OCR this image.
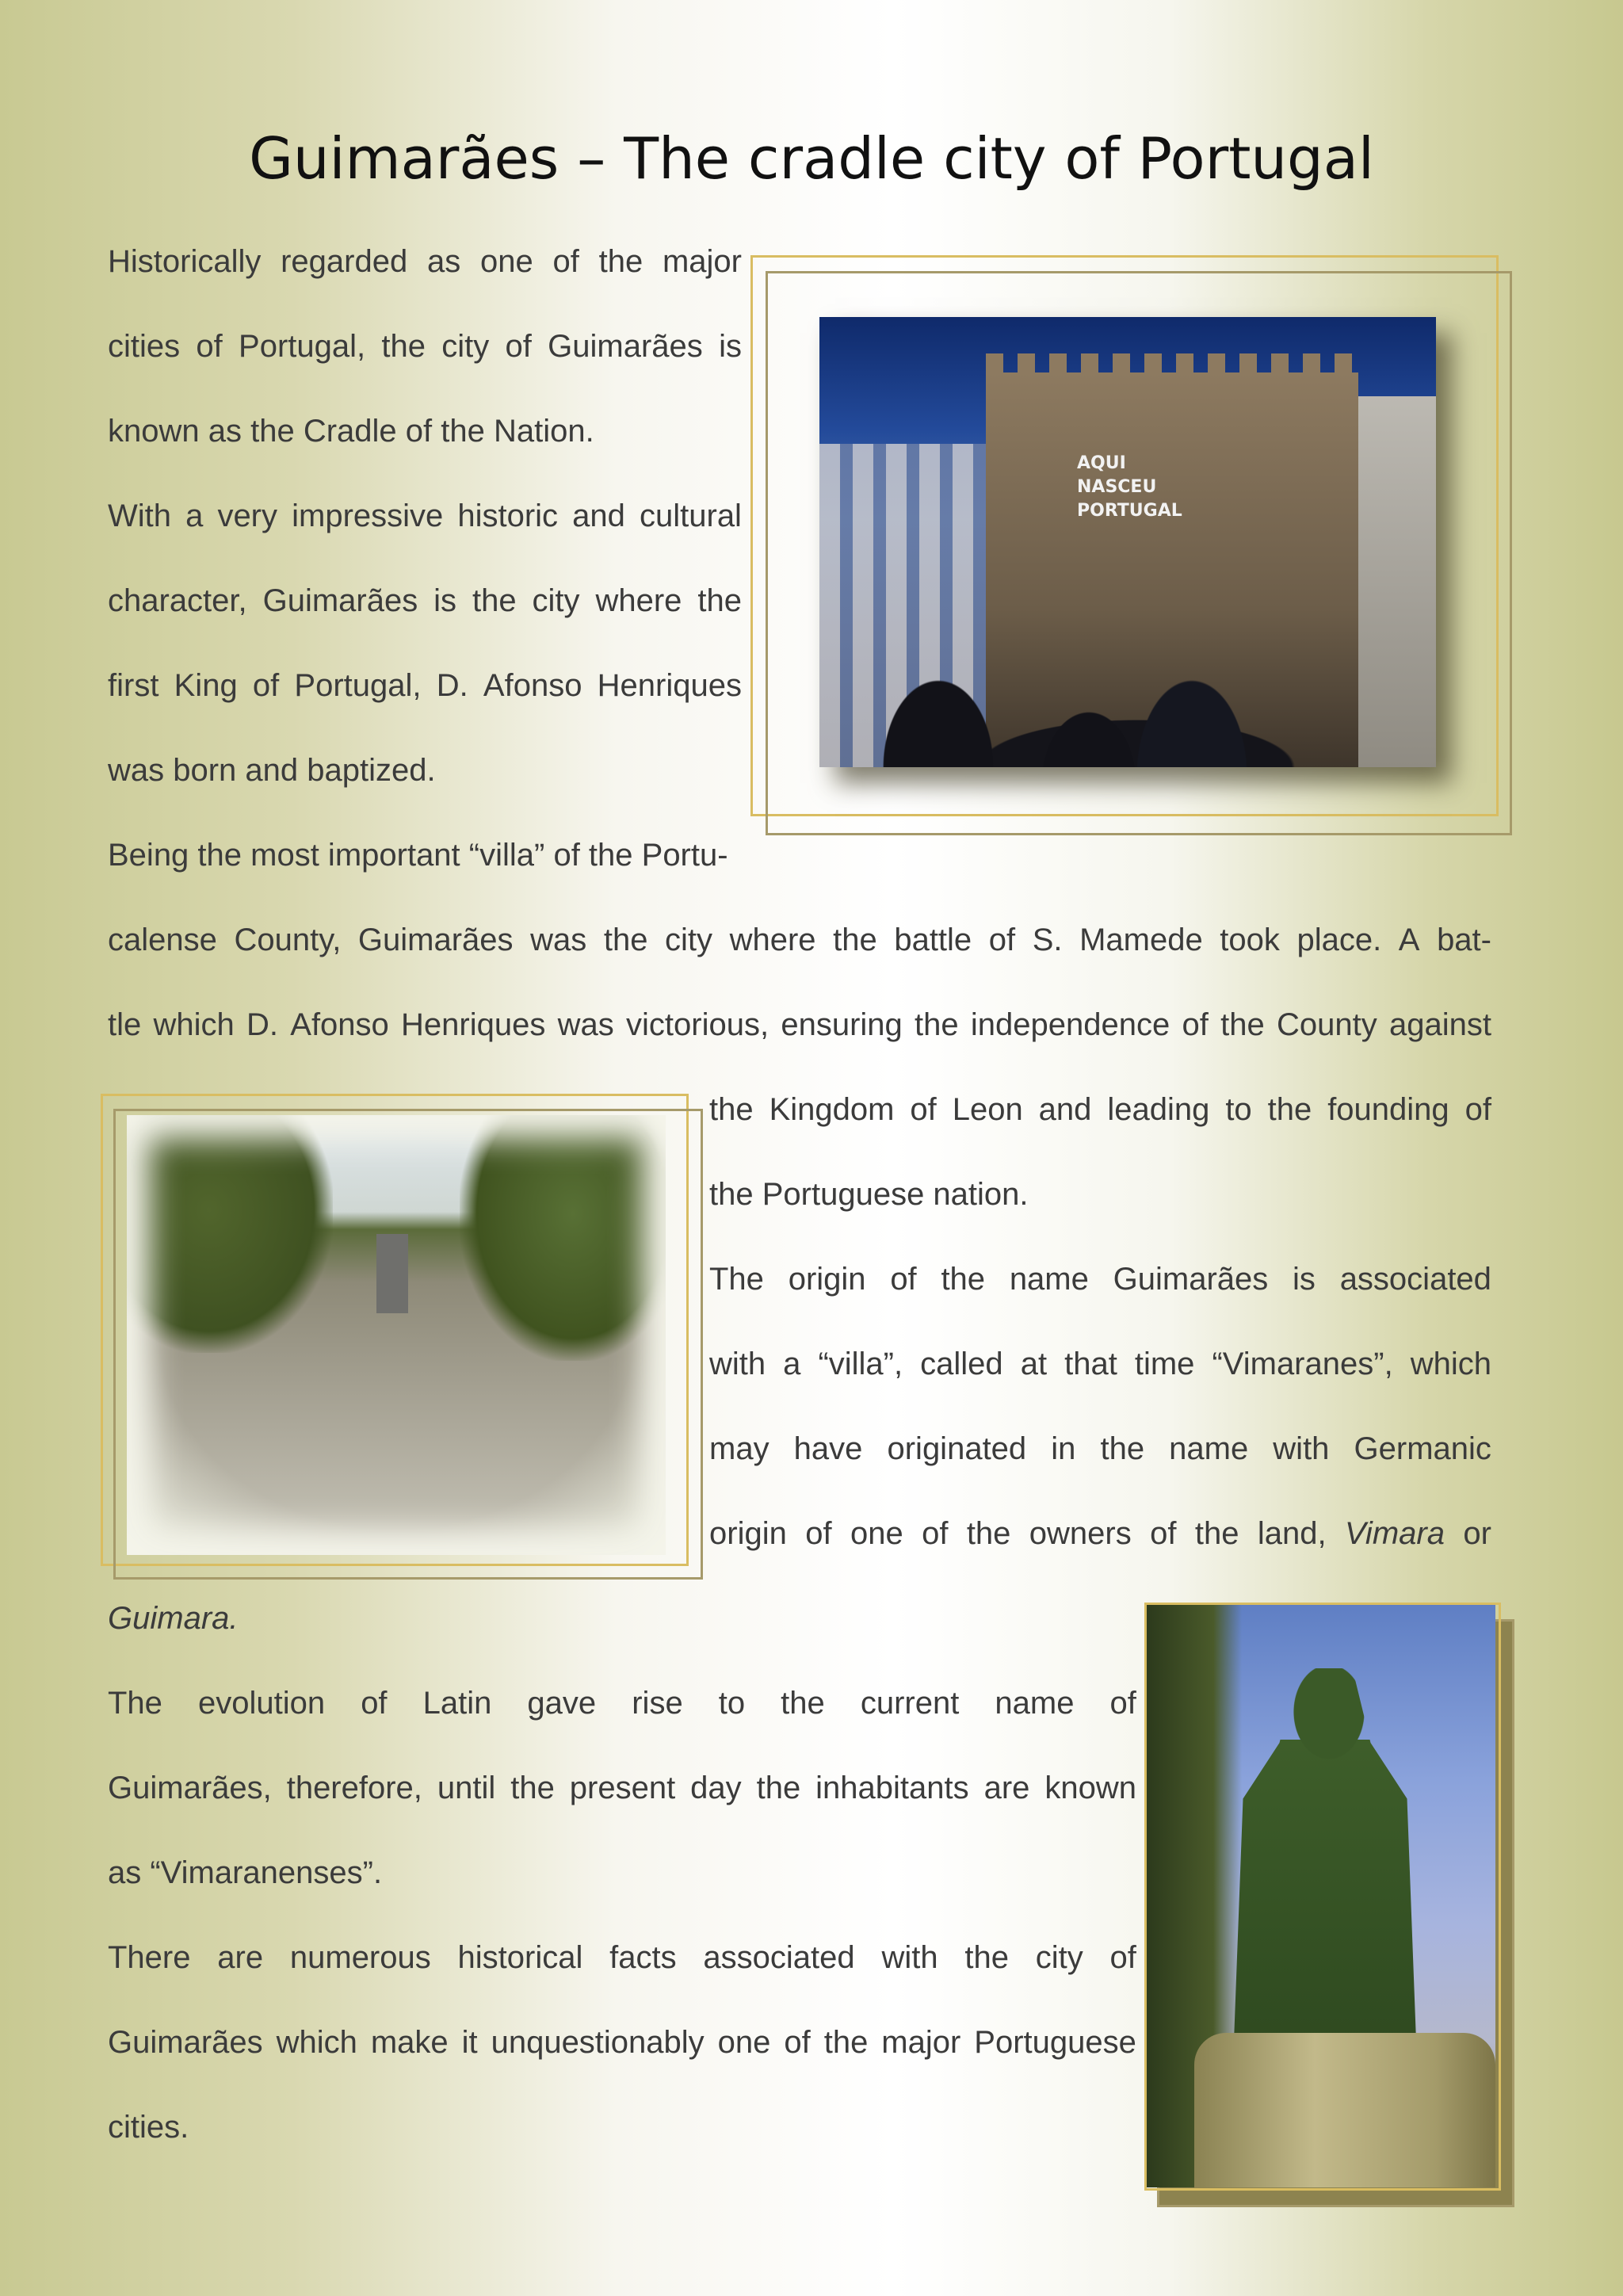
Guimarães – The cradle city of Portugal
Historically regarded as one of the major
cities of Portugal, the city of Guimarães is
known as the Cradle of the Nation.
With a very impressive historic and cultural
character, Guimarães is the city where the
first King of Portugal, D. Afonso Henriques
was born and baptized.
Being the most important “villa” of the Portu-
calense County, Guimarães was the city where the battle of S. Mamede took place. A bat-
tle which D. Afonso Henriques was victorious, ensuring the independence of the County against
the Kingdom of Leon and leading to the founding of
the Portuguese nation.
The origin of the name Guimarães is associated
with a “villa”, called at that time “Vimaranes”, which
may have originated in the name with Germanic
origin of one of the owners of the land, Vimara or
Guimara.
The evolution of Latin gave rise to the current name of
Guimarães, therefore, until the present day the inhabitants are known
as “Vimaranenses”.
There are numerous historical facts associated with the city of
Guimarães which make it unquestionably one of the major Portuguese
cities.
AQUI
NASCEU
PORTUGAL
